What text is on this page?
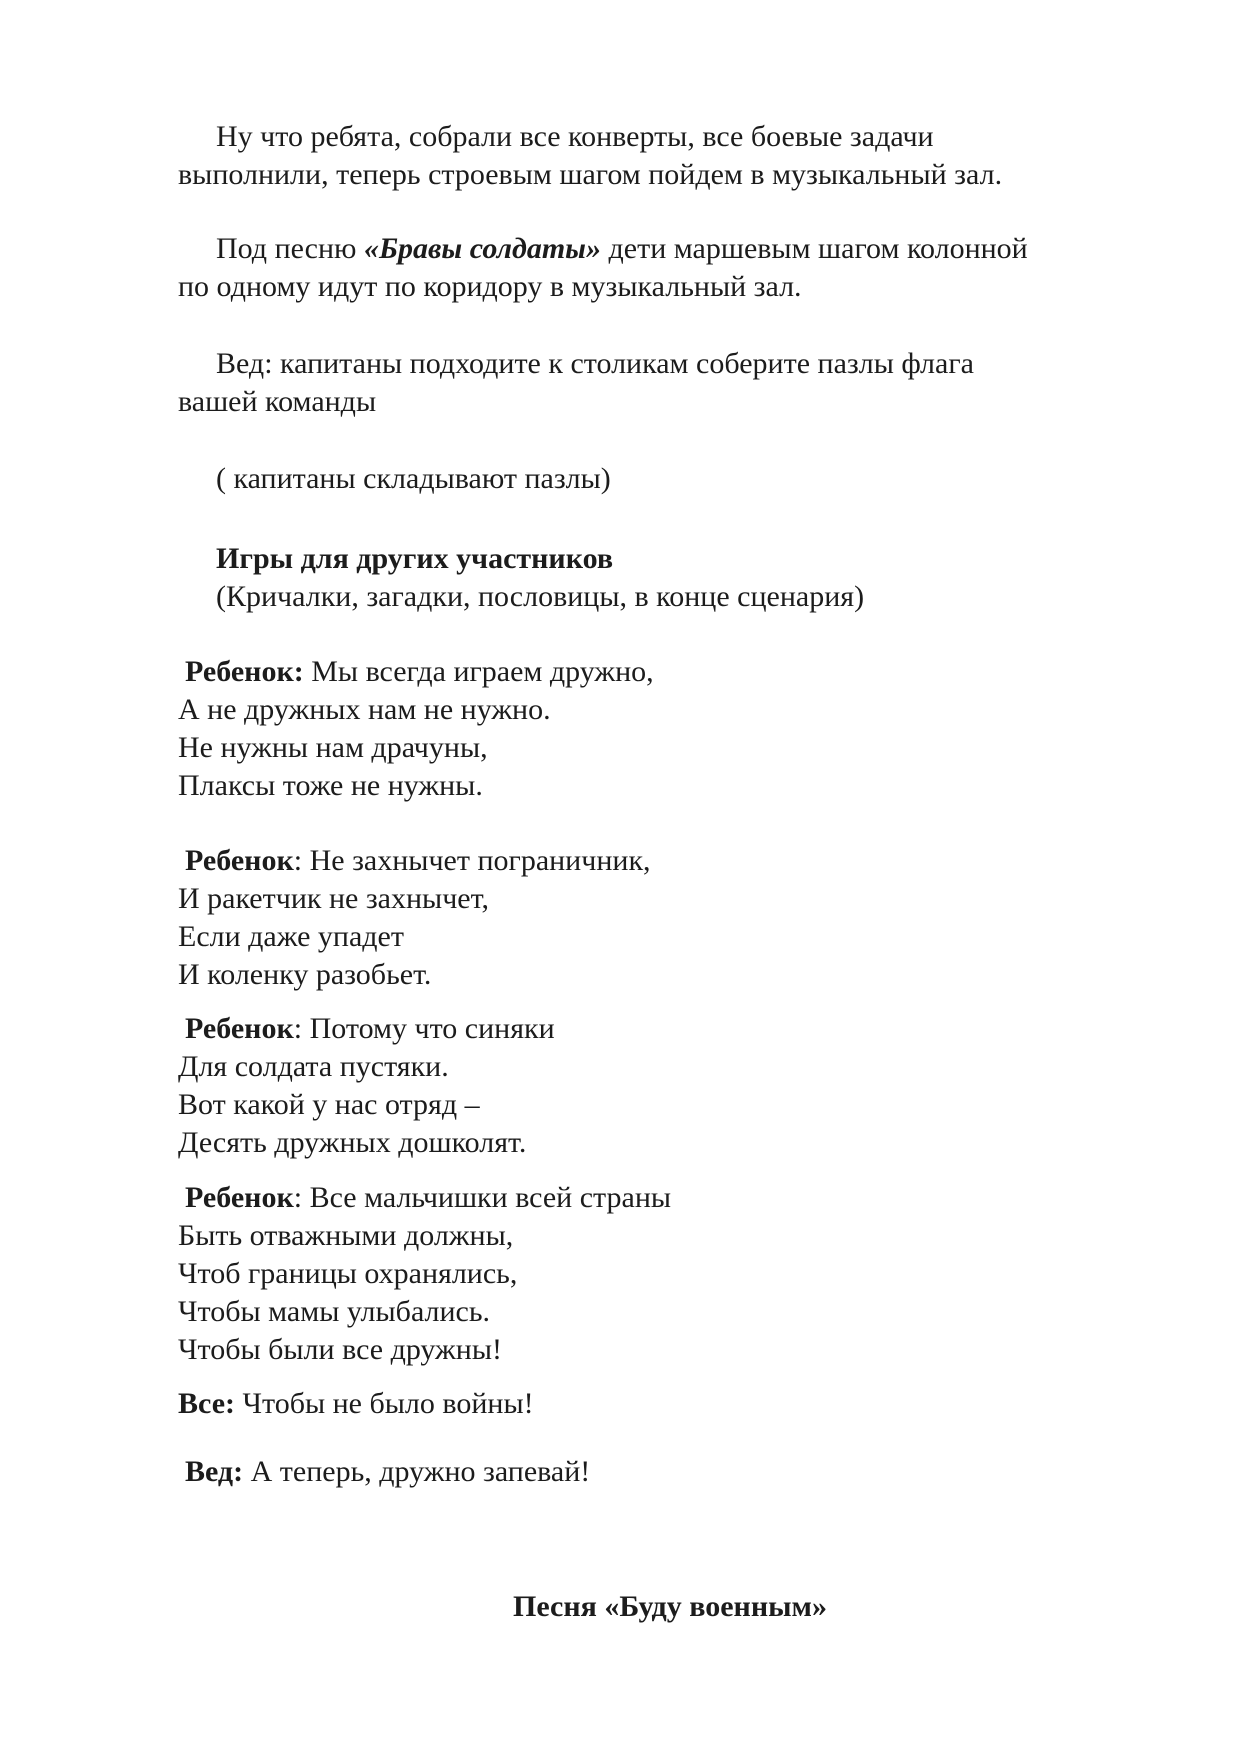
Ну что ребята, собрали все конверты, все боевые задачи
выполнили, теперь строевым шагом пойдем в музыкальный зал.
Под песню «Бравы солдаты» дети маршевым шагом колонной
по одному идут по коридору в музыкальный зал.
Вед: капитаны подходите к столикам соберите пазлы флага
вашей команды
( капитаны складывают пазлы)
Игры для других участников
(Кричалки, загадки, пословицы, в конце сценария)
Ребенок: Мы всегда играем дружно,
А не дружных нам не нужно.
Не нужны нам драчуны,
Плаксы тоже не нужны.
Ребенок: Не захнычет пограничник,
И ракетчик не захнычет,
Если даже упадет
И коленку разобьет.
Ребенок: Потому что синяки
Для солдата пустяки.
Вот какой у нас отряд –
Десять дружных дошколят.
Ребенок: Все мальчишки всей страны
Быть отважными должны,
Чтоб границы охранялись,
Чтобы мамы улыбались.
Чтобы были все дружны!
Все: Чтобы не было войны!
Вед: А теперь, дружно запевай!
Песня «Буду военным»
